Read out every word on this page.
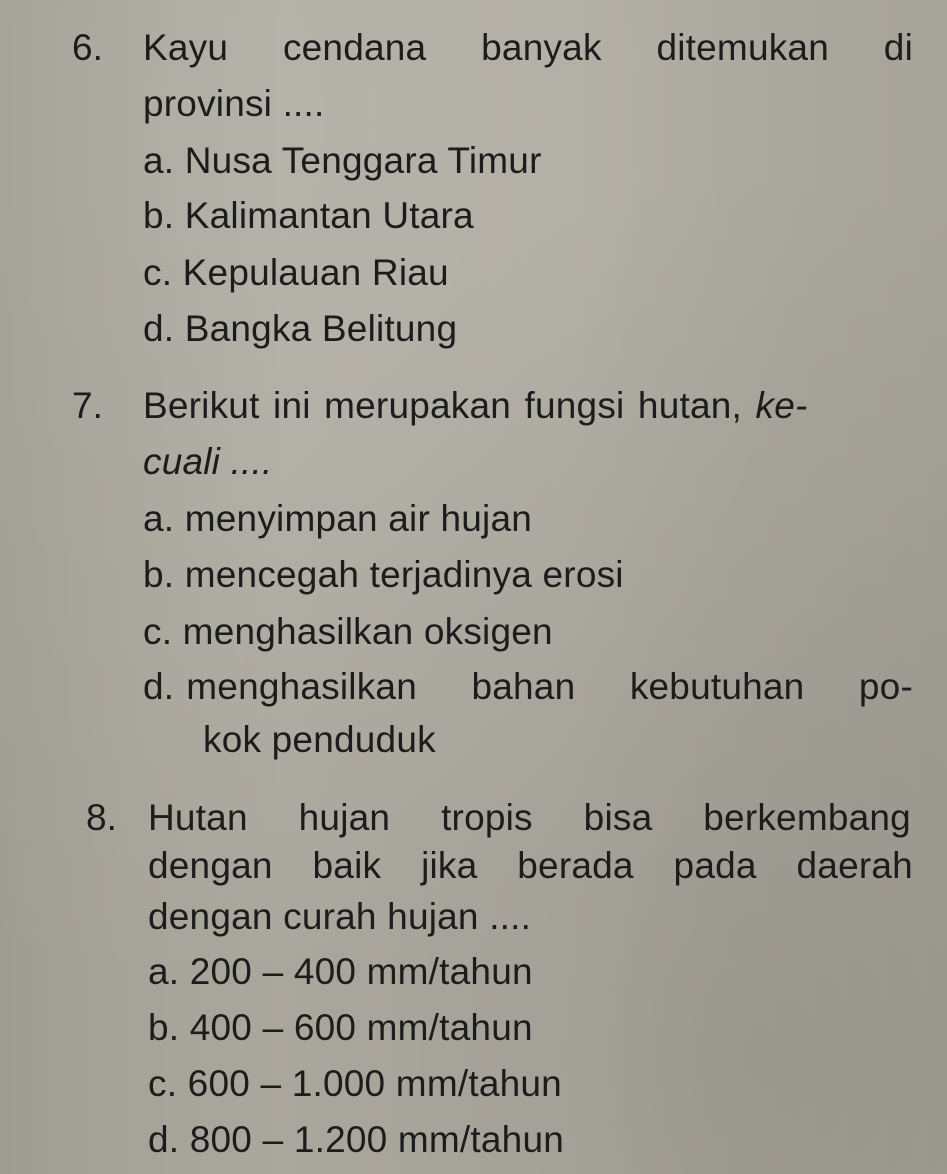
6. Kayu cendana banyak ditemukan di
provinsi ....
a. Nusa Tenggara Timur
b. Kalimantan Utara
c. Kepulauan Riau
d. Bangka Belitung
7. Berikut ini merupakan fungsi hutan, ke-
cuali ....
a. menyimpan air hujan
b. mencegah terjadinya erosi
c. menghasilkan oksigen
d. menghasilkan bahan kebutuhan po-
kok penduduk
8. Hutan hujan tropis bisa berkembang
dengan baik jika berada pada daerah
dengan curah hujan ....
a. 200 – 400 mm/tahun
b. 400 – 600 mm/tahun
c. 600 – 1.000 mm/tahun
d. 800 – 1.200 mm/tahun
